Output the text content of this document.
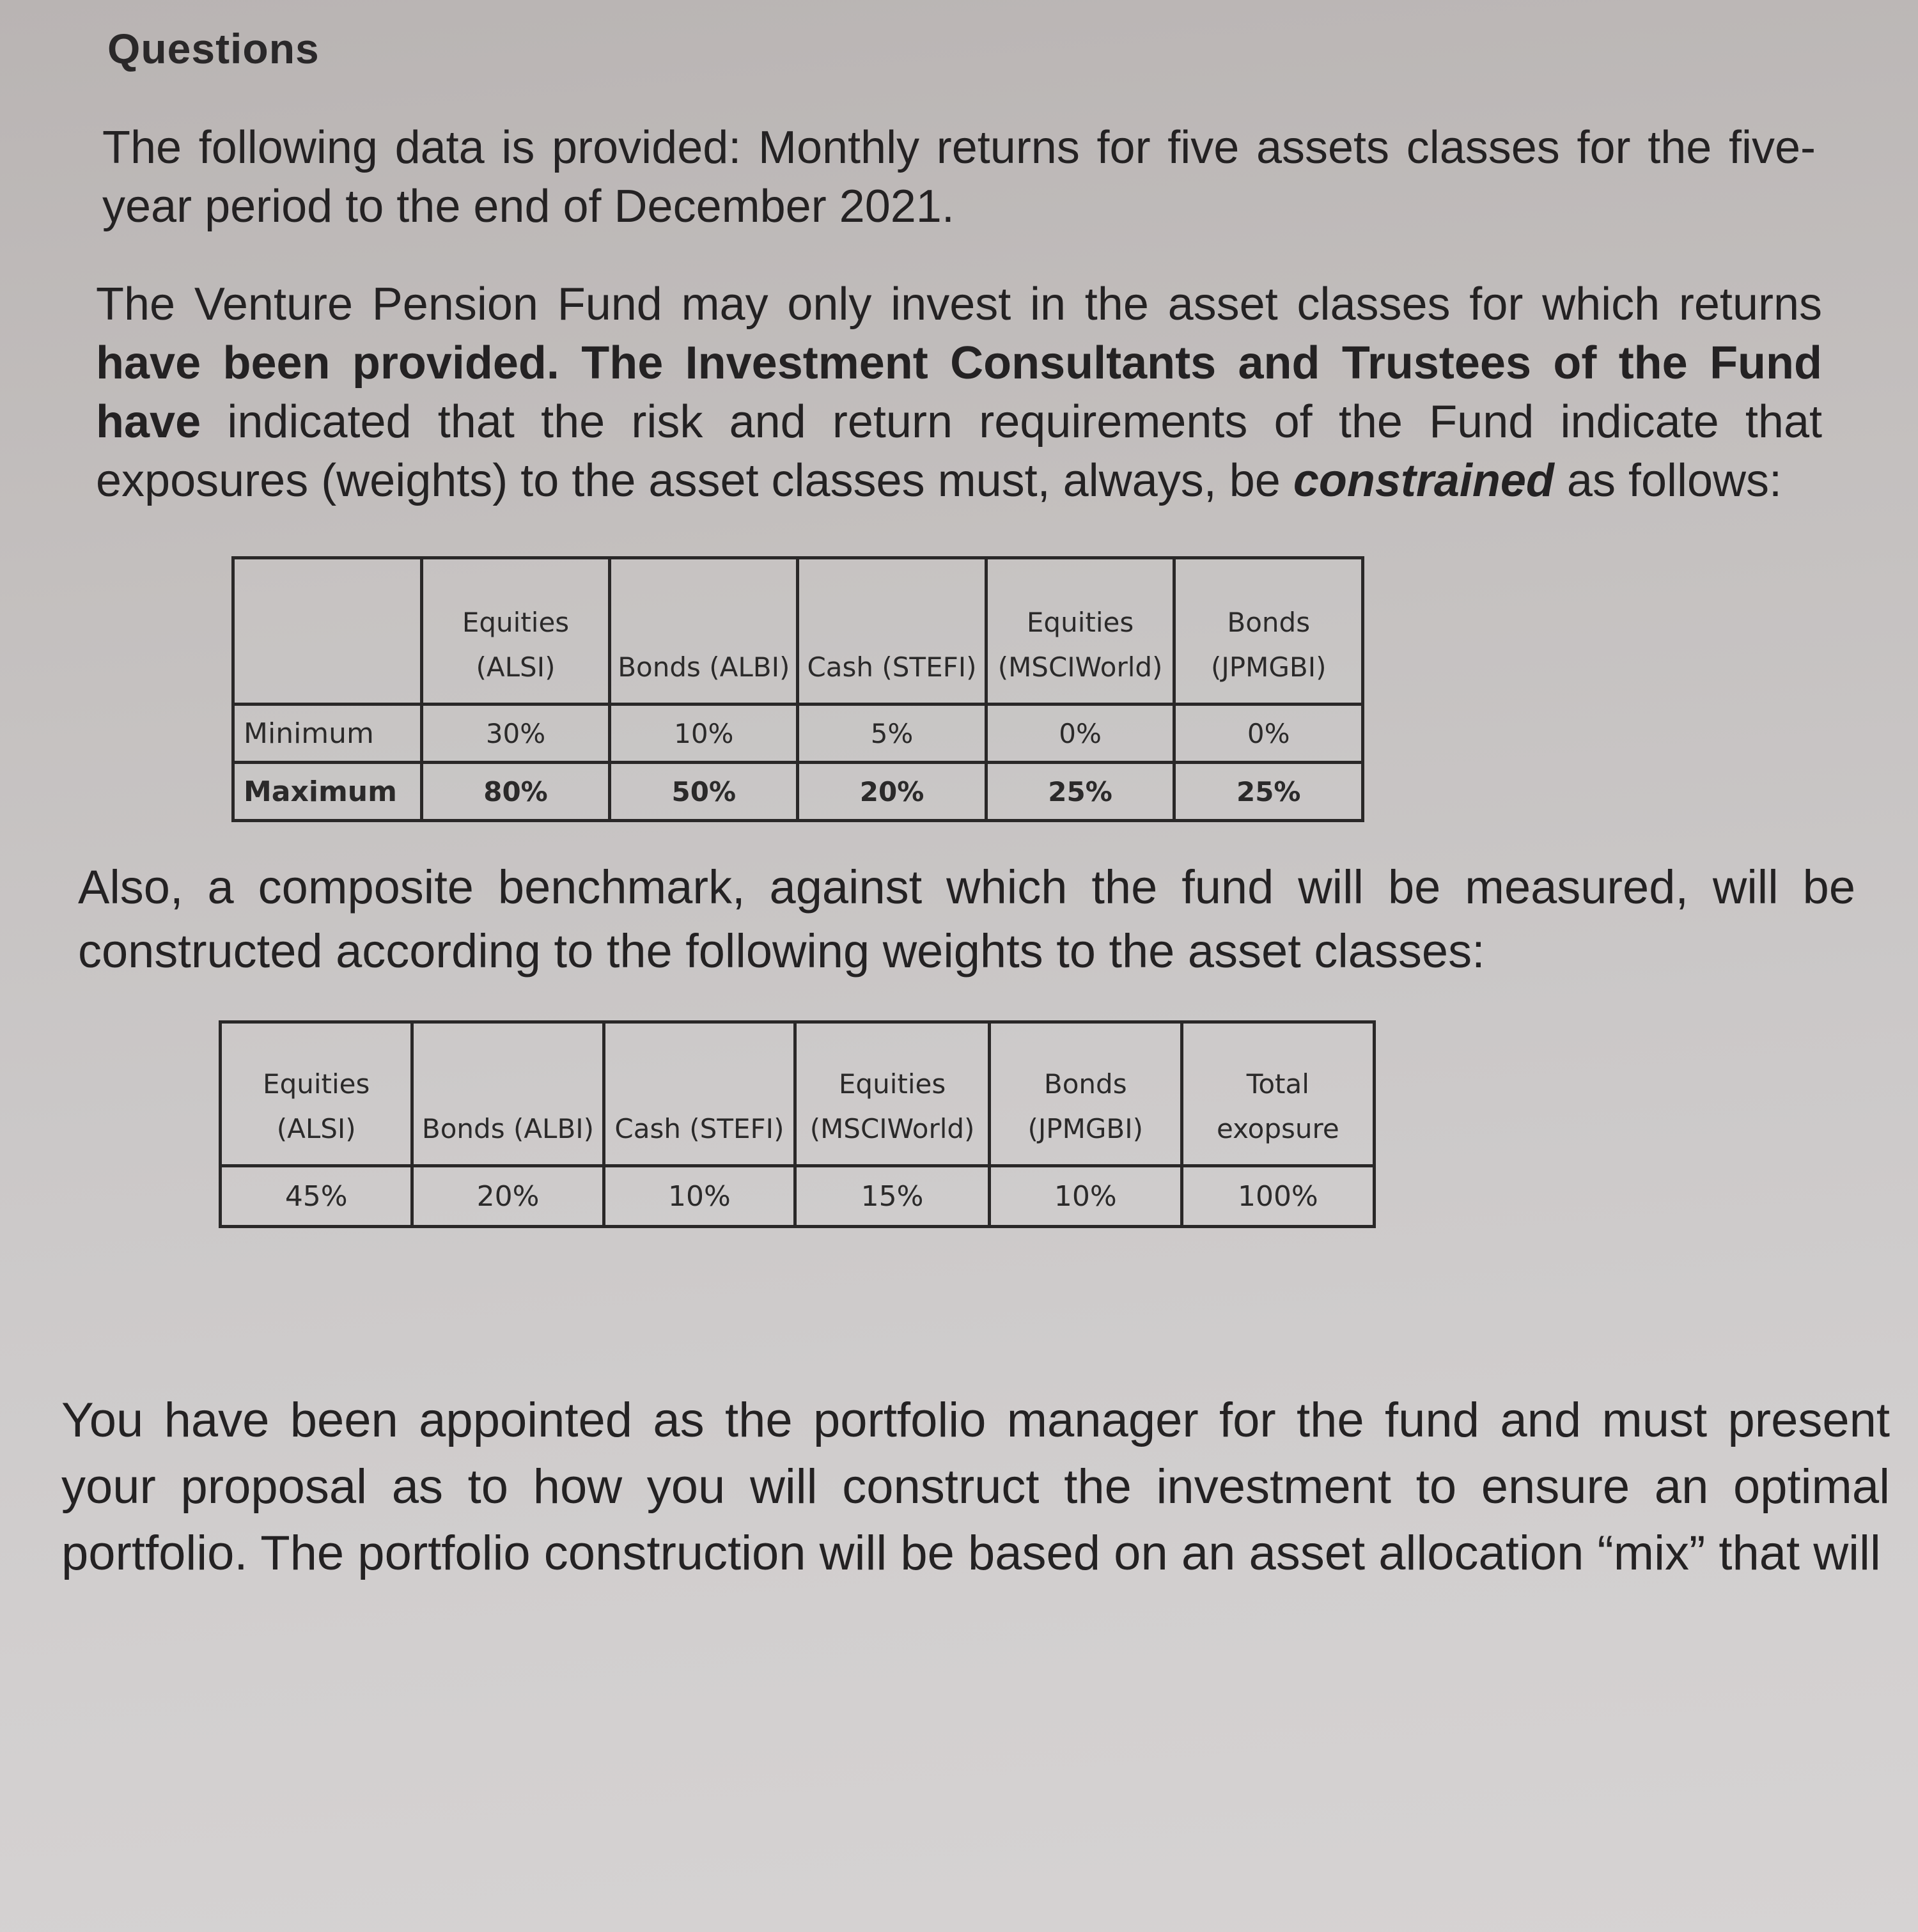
Questions

The following data is provided: Monthly returns for five assets classes for the five-year period to the end of December 2021.

The Venture Pension Fund may only invest in the asset classes for which returns have been provided. The Investment Consultants and Trustees of the Fund have indicated that the risk and return requirements of the Fund indicate that exposures (weights) to the asset classes must, always, be constrained as follows:

	Equities (ALSI)	Bonds (ALBI)	Cash (STEFI)	Equities (MSCIWorld)	Bonds (JPMGBI)
Minimum	30%	10%	5%	0%	0%
Maximum	80%	50%	20%	25%	25%

Also, a composite benchmark, against which the fund will be measured, will be constructed according to the following weights to the asset classes:

Equities (ALSI)	Bonds (ALBI)	Cash (STEFI)	Equities (MSCIWorld)	Bonds (JPMGBI)	Total exopsure
45%	20%	10%	15%	10%	100%

You have been appointed as the portfolio manager for the fund and must present your proposal as to how you will construct the investment to ensure an optimal portfolio. The portfolio construction will be based on an asset allocation “mix” that will
